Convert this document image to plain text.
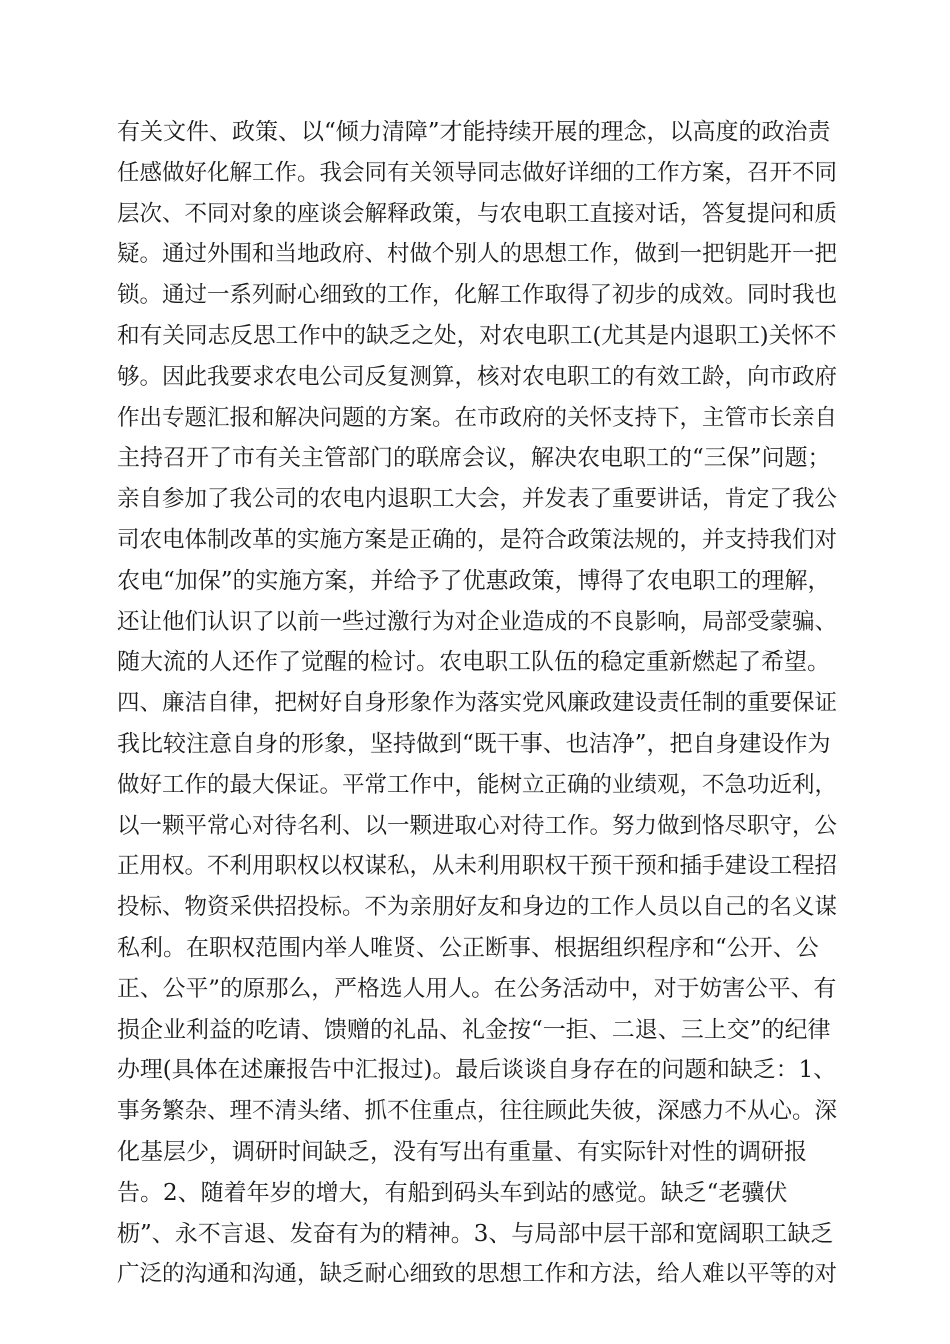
有关文件、政策、以“倾力清障”才能持续开展的理念，以高度的政治责
任感做好化解工作。我会同有关领导同志做好详细的工作方案，召开不同
层次、不同对象的座谈会解释政策，与农电职工直接对话，答复提问和质
疑。通过外围和当地政府、村做个别人的思想工作，做到一把钥匙开一把
锁。通过一系列耐心细致的工作，化解工作取得了初步的成效。同时我也
和有关同志反思工作中的缺乏之处，对农电职工(尤其是内退职工)关怀不
够。因此我要求农电公司反复测算，核对农电职工的有效工龄，向市政府
作出专题汇报和解决问题的方案。在市政府的关怀支持下，主管市长亲自
主持召开了市有关主管部门的联席会议，解决农电职工的“三保”问题；
亲自参加了我公司的农电内退职工大会，并发表了重要讲话，肯定了我公
司农电体制改革的实施方案是正确的，是符合政策法规的，并支持我们对
农电“加保”的实施方案，并给予了优惠政策，博得了农电职工的理解，
还让他们认识了以前一些过激行为对企业造成的不良影响，局部受蒙骗、
随大流的人还作了觉醒的检讨。农电职工队伍的稳定重新燃起了希望。
四、廉洁自律，把树好自身形象作为落实党风廉政建设责任制的重要保证
我比较注意自身的形象，坚持做到“既干事、也洁净”，把自身建设作为
做好工作的最大保证。平常工作中，能树立正确的业绩观，不急功近利，
以一颗平常心对待名利、以一颗进取心对待工作。努力做到恪尽职守，公
正用权。不利用职权以权谋私，从未利用职权干预干预和插手建设工程招
投标、物资采供招投标。不为亲朋好友和身边的工作人员以自己的名义谋
私利。在职权范围内举人唯贤、公正断事、根据组织程序和“公开、公
正、公平”的原那么，严格选人用人。在公务活动中，对于妨害公平、有
损企业利益的吃请、馈赠的礼品、礼金按“一拒、二退、三上交”的纪律
办理(具体在述廉报告中汇报过)。最后谈谈自身存在的问题和缺乏：1、
事务繁杂、理不清头绪、抓不住重点，往往顾此失彼，深感力不从心。深
化基层少，调研时间缺乏，没有写出有重量、有实际针对性的调研报
告。2、随着年岁的增大，有船到码头车到站的感觉。缺乏“老骥伏
枥”、永不言退、发奋有为的精神。3、与局部中层干部和宽阔职工缺乏
广泛的沟通和沟通，缺乏耐心细致的思想工作和方法，给人难以平等的对
